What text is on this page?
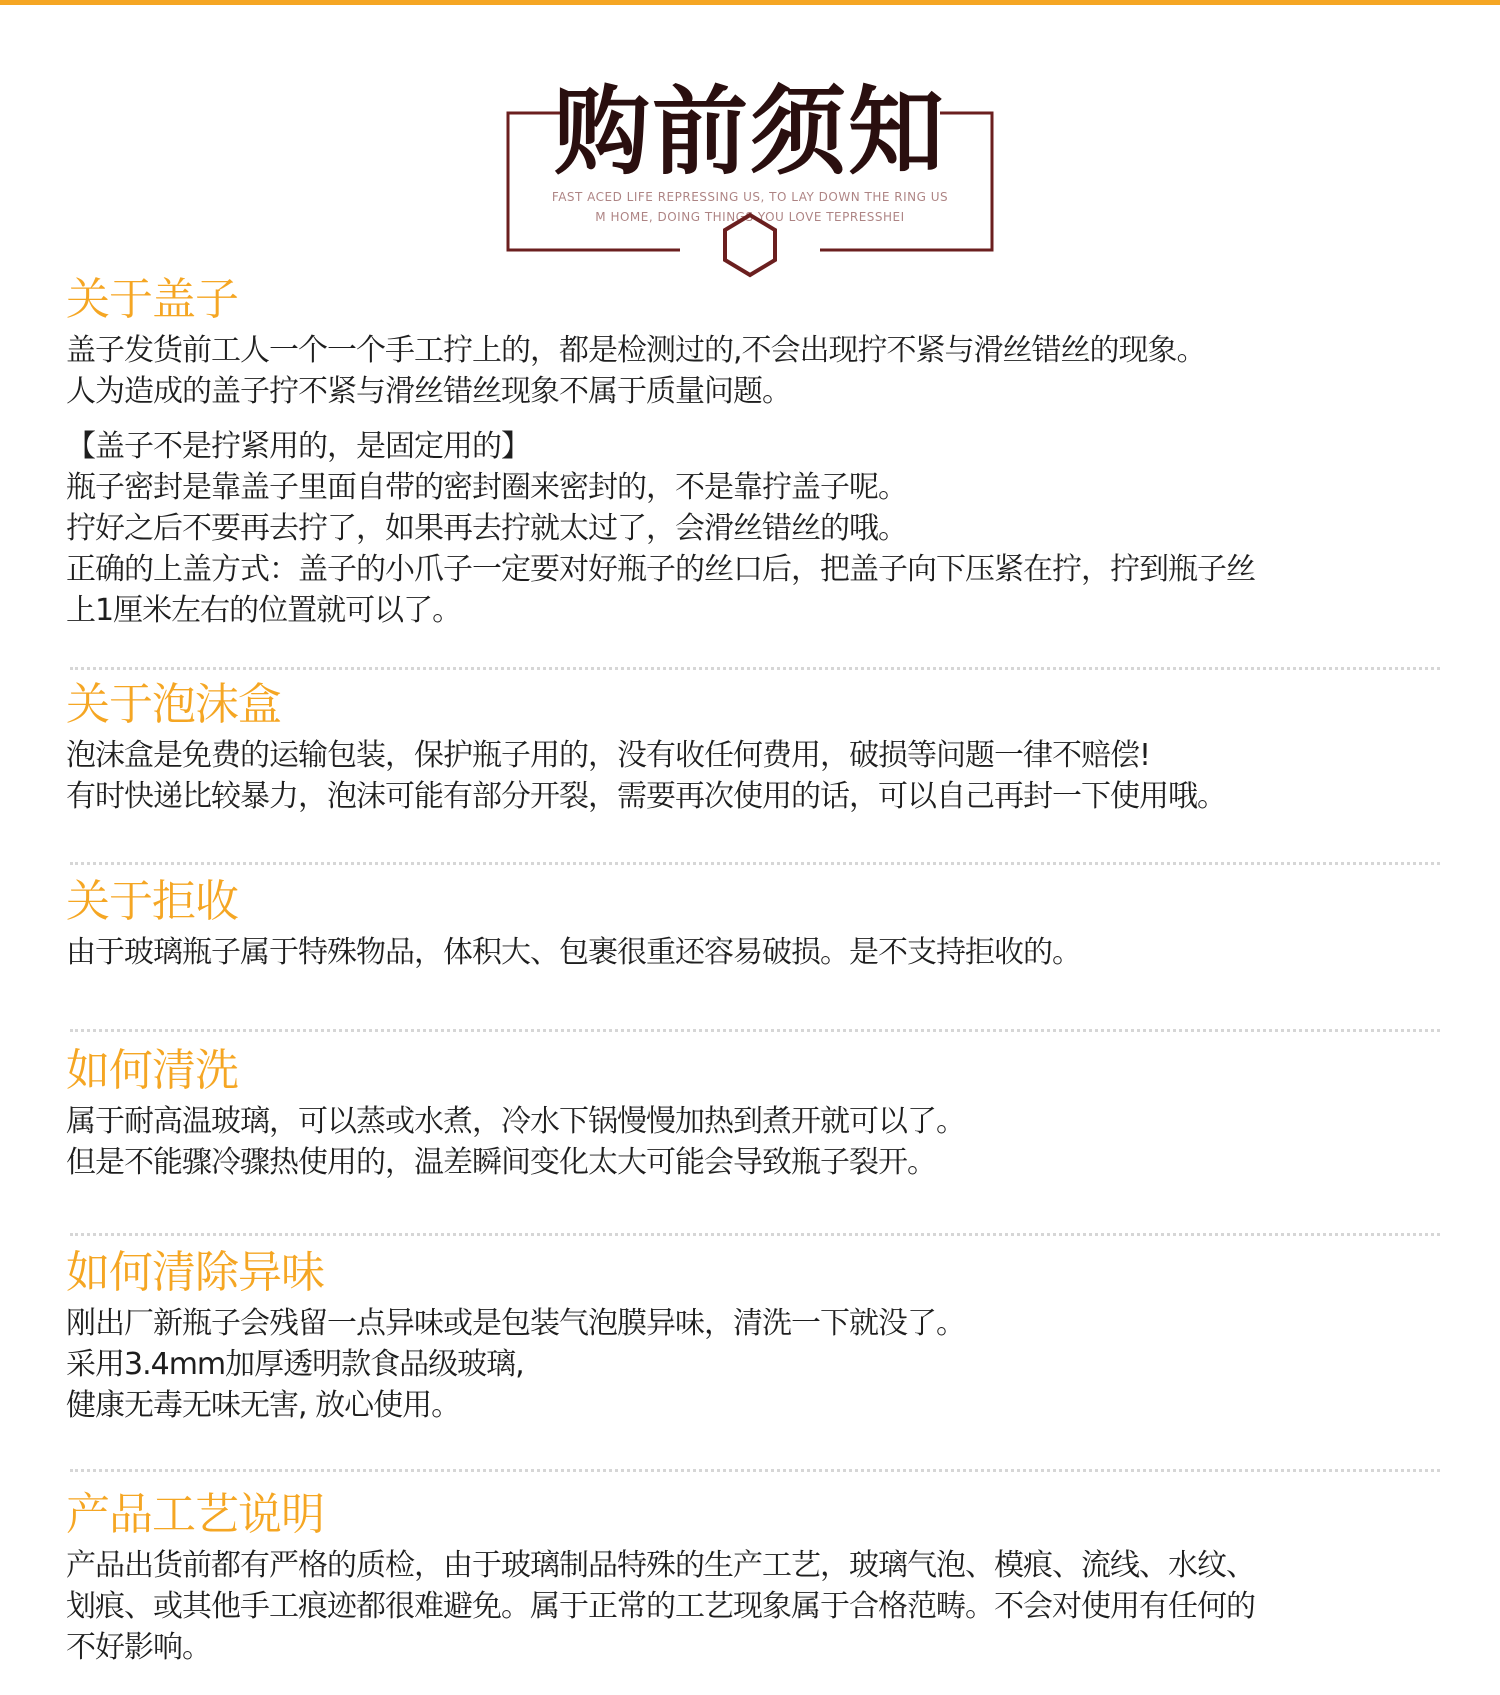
购前须知
FAST ACED LIFE REPRESSING US, TO LAY DOWN THE RING US
M HOME, DOING THINGS YOU LOVE TEPRESSHEI
关于盖子

盖子发货前工人一个一个手工拧上的，都是检测过的,不会出现拧不紧与滑丝错丝的现象。
人为造成的盖子拧不紧与滑丝错丝现象不属于质量问题。

【盖子不是拧紧用的，是固定用的】
瓶子密封是靠盖子里面自带的密封圈来密封的，不是靠拧盖子呢。
拧好之后不要再去拧了，如果再去拧就太过了，会滑丝错丝的哦。
正确的上盖方式：盖子的小爪子一定要对好瓶子的丝口后，把盖子向下压紧在拧，拧到瓶子丝
上1厘米左右的位置就可以了。

关于泡沫盒

泡沫盒是免费的运输包装，保护瓶子用的，没有收任何费用，破损等问题一律不赔偿!
有时快递比较暴力，泡沫可能有部分开裂，需要再次使用的话，可以自己再封一下使用哦。

关于拒收

由于玻璃瓶子属于特殊物品，体积大、包裹很重还容易破损。是不支持拒收的。

如何清洗

属于耐高温玻璃，可以蒸或水煮，冷水下锅慢慢加热到煮开就可以了。
但是不能骤冷骤热使用的，温差瞬间变化太大可能会导致瓶子裂开。

如何清除异味

刚出厂新瓶子会残留一点异味或是包装气泡膜异味，清洗一下就没了。
采用3.4mm加厚透明款食品级玻璃,
健康无毒无味无害, 放心使用。

产品工艺说明

产品出货前都有严格的质检，由于玻璃制品特殊的生产工艺，玻璃气泡、模痕、流线、水纹、
划痕、或其他手工痕迹都很难避免。属于正常的工艺现象属于合格范畴。不会对使用有任何的
不好影响。
